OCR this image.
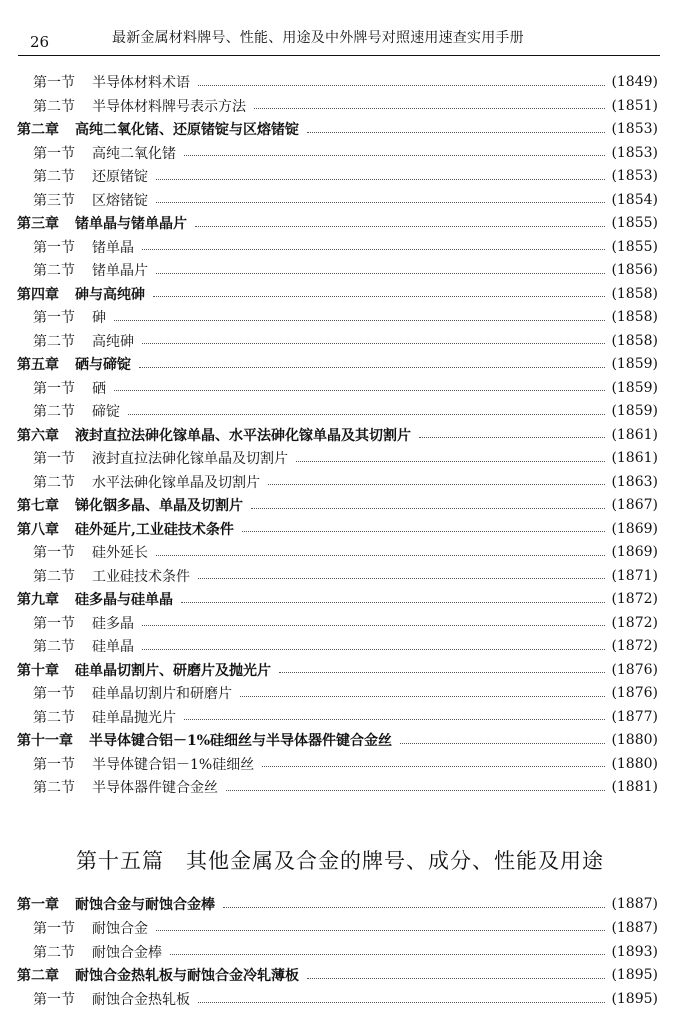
26	最新金属材料牌号、性能、用途及中外牌号对照速用速查实用手册
第一节 半导体材料术语	(1849)
第二节 半导体材料牌号表示方法	(1851)
第二章 高纯二氧化锗、还原锗锭与区熔锗锭	(1853)
第一节 高纯二氧化锗	(1853)
第二节 还原锗锭	(1853)
第三节 区熔锗锭	(1854)
第三章 锗单晶与锗单晶片	(1855)
第一节 锗单晶	(1855)
第二节 锗单晶片	(1856)
第四章 砷与高纯砷	(1858)
第一节 砷	(1858)
第二节 高纯砷	(1858)
第五章 硒与碲锭	(1859)
第一节 硒	(1859)
第二节 碲锭	(1859)
第六章 液封直拉法砷化镓单晶、水平法砷化镓单晶及其切割片	(1861)
第一节 液封直拉法砷化镓单晶及切割片	(1861)
第二节 水平法砷化镓单晶及切割片	(1863)
第七章 锑化铟多晶、单晶及切割片	(1867)
第八章 硅外延片,工业硅技术条件	(1869)
第一节 硅外延长	(1869)
第二节 工业硅技术条件	(1871)
第九章 硅多晶与硅单晶	(1872)
第一节 硅多晶	(1872)
第二节 硅单晶	(1872)
第十章 硅单晶切割片、研磨片及抛光片	(1876)
第一节 硅单晶切割片和研磨片	(1876)
第二节 硅单晶抛光片	(1877)
第十一章 半导体键合铝－1%硅细丝与半导体器件键合金丝	(1880)
第一节 半导体键合铝－1%硅细丝	(1880)
第二节 半导体器件键合金丝	(1881)
第一章 耐蚀合金与耐蚀合金棒	(1887)
第一节 耐蚀合金	(1887)
第二节 耐蚀合金棒	(1893)
第二章 耐蚀合金热轧板与耐蚀合金冷轧薄板	(1895)
第一节 耐蚀合金热轧板	(1895)
第十五篇　其他金属及合金的牌号、成分、性能及用途
